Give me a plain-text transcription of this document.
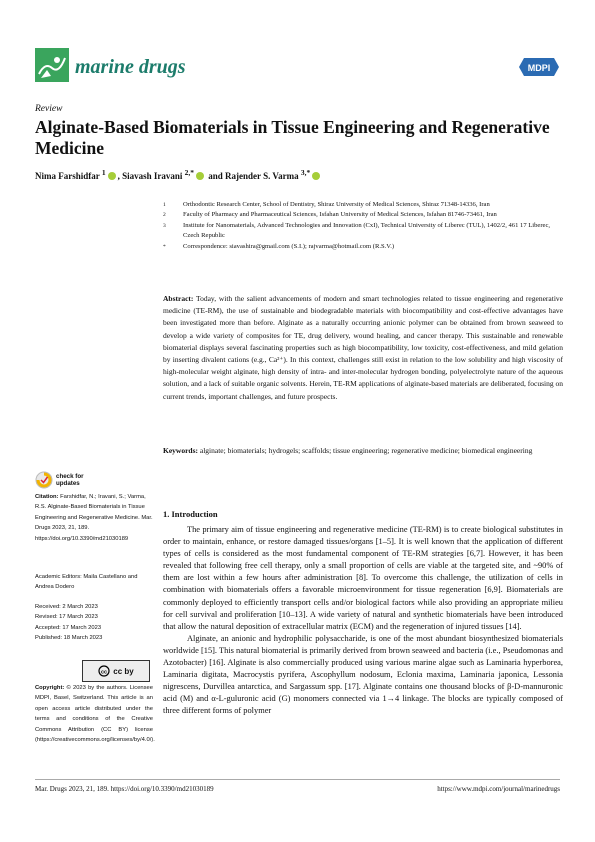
marine drugs	MDPI
Review
Alginate-Based Biomaterials in Tissue Engineering and Regenerative Medicine
Nima Farshidfar $^1$ , Siavash Iravani $^{2,*}$ and Rajender S. Varma $^{3,*}$
1	Orthodontic Research Center, School of Dentistry, Shiraz University of Medical Sciences, Shiraz 71348-14336, Iran
2	Faculty of Pharmacy and Pharmaceutical Sciences, Isfahan University of Medical Sciences, Isfahan 81746-73461, Iran
3	Institute for Nanomaterials, Advanced Technologies and Innovation (CxI), Technical University of Liberec (TUL), 1402/2, 461 17 Liberec, Czech Republic
*	Correspondence: siavashira@gmail.com (S.I.); rajvarma@hotmail.com (R.S.V.)
Abstract: Today, with the salient advancements of modern and smart technologies related to tissue engineering and regenerative medicine (TE-RM), the use of sustainable and biodegradable materials with biocompatibility and cost-effective advantages have been investigated more than before. Alginate as a naturally occurring anionic polymer can be obtained from brown seaweed to develop a wide variety of composites for TE, drug delivery, wound healing, and cancer therapy. This sustainable and renewable biomaterial displays several fascinating properties such as high biocompatibility, low toxicity, cost-effectiveness, and mild gelation by inserting divalent cations (e.g., Ca²⁺). In this context, challenges still exist in relation to the low solubility and high viscosity of high-molecular weight alginate, high density of intra- and inter-molecular hydrogen bonding, polyelectrolyte nature of the aqueous solution, and a lack of suitable organic solvents. Herein, TE-RM applications of alginate-based materials are deliberated, focusing on current trends, important challenges, and future prospects.
Keywords: alginate; biomaterials; hydrogels; scaffolds; tissue engineering; regenerative medicine; biomedical engineering
check for updates
Citation: Farshidfar, N.; Iravani, S.; Varma, R.S. Alginate-Based Biomaterials in Tissue Engineering and Regenerative Medicine. Mar. Drugs 2023, 21, 189. https://doi.org/10.3390/md21030189
Academic Editors: Maila Castellano and Andrea Dodero
Received: 2 March 2023
Revised: 17 March 2023
Accepted: 17 March 2023
Published: 18 March 2023
cc cc by
Copyright: © 2023 by the authors. Licensee MDPI, Basel, Switzerland. This article is an open access article distributed under the terms and conditions of the Creative Commons Attribution (CC BY) license (https://creativecommons.org/licenses/by/4.0/).
1. Introduction

The primary aim of tissue engineering and regenerative medicine (TE-RM) is to create biological substitutes in order to maintain, enhance, or restore damaged tissues/organs [1–5]. It is well known that the application of different types of cells is considered as the most fundamental component of TE-RM strategies [6,7]. However, it has been revealed that following free cell therapy, only a small proportion of cells are viable at the targeted site, and ~90% of them are lost within a few hours after administration [8]. To overcome this challenge, the utilization of cells in combination with biomaterials offers a favorable microenvironment for tissue regeneration [6,9]. Biomaterials are commonly deployed to efficiently transport cells and/or biological factors while also providing an appropriate milieu for cell survival and proliferation [10–13]. A wide variety of natural and synthetic biomaterials have been introduced that allow the natural deposition of extracellular matrix (ECM) and the regeneration of injured tissues [14].

Alginate, an anionic and hydrophilic polysaccharide, is one of the most abundant biosynthesized biomaterials worldwide [15]. This natural biomaterial is primarily derived from brown seaweed and bacteria (i.e., Pseudomonas and Azotobacter) [16]. Alginate is also commercially produced using various marine algae such as Laminaria hyperborea, Laminaria digitata, Macrocystis pyrifera, Ascophyllum nodosum, Eclonia maxima, Laminaria japonica, Lessonia nigrescens, Durvillea antarctica, and Sargassum spp. [17]. Alginate contains one thousand blocks of β-D-mannuronic acid (M) and α-L-guluronic acid (G) monomers connected via 1→4 linkage. The blocks are typically composed of three different forms of polymer

Mar. Drugs 2023, 21, 189. https://doi.org/10.3390/md21030189	https://www.mdpi.com/journal/marinedrugs
